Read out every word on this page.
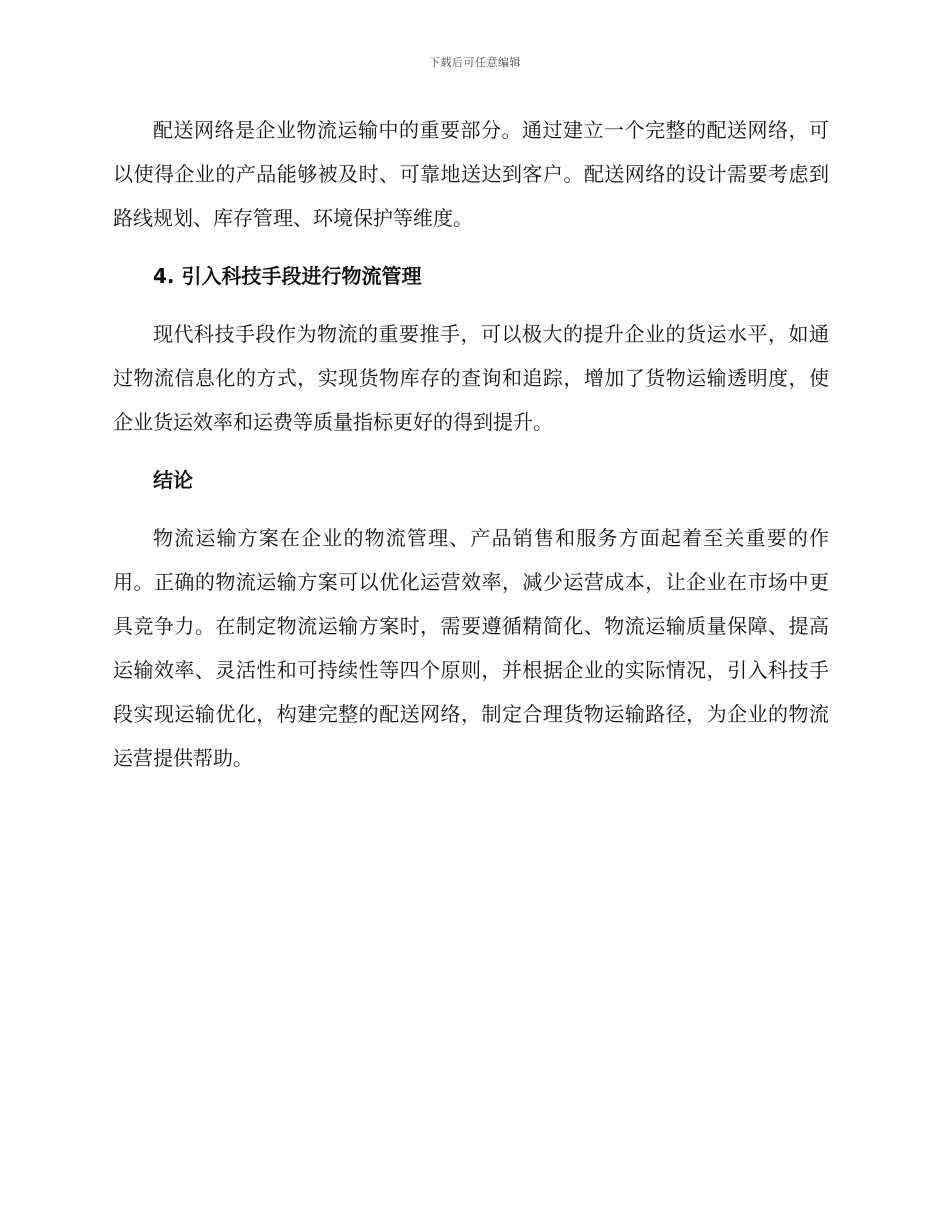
下载后可任意编辑

配送网络是企业物流运输中的重要部分。通过建立一个完整的配送网络，可以使得企业的产品能够被及时、可靠地送达到客户。配送网络的设计需要考虑到路线规划、库存管理、环境保护等维度。

4. 引入科技手段进行物流管理

现代科技手段作为物流的重要推手，可以极大的提升企业的货运水平，如通过物流信息化的方式，实现货物库存的查询和追踪，增加了货物运输透明度，使企业货运效率和运费等质量指标更好的得到提升。

结论

物流运输方案在企业的物流管理、产品销售和服务方面起着至关重要的作用。正确的物流运输方案可以优化运营效率，减少运营成本，让企业在市场中更具竞争力。在制定物流运输方案时，需要遵循精简化、物流运输质量保障、提高运输效率、灵活性和可持续性等四个原则，并根据企业的实际情况，引入科技手段实现运输优化，构建完整的配送网络，制定合理货物运输路径，为企业的物流运营提供帮助。
